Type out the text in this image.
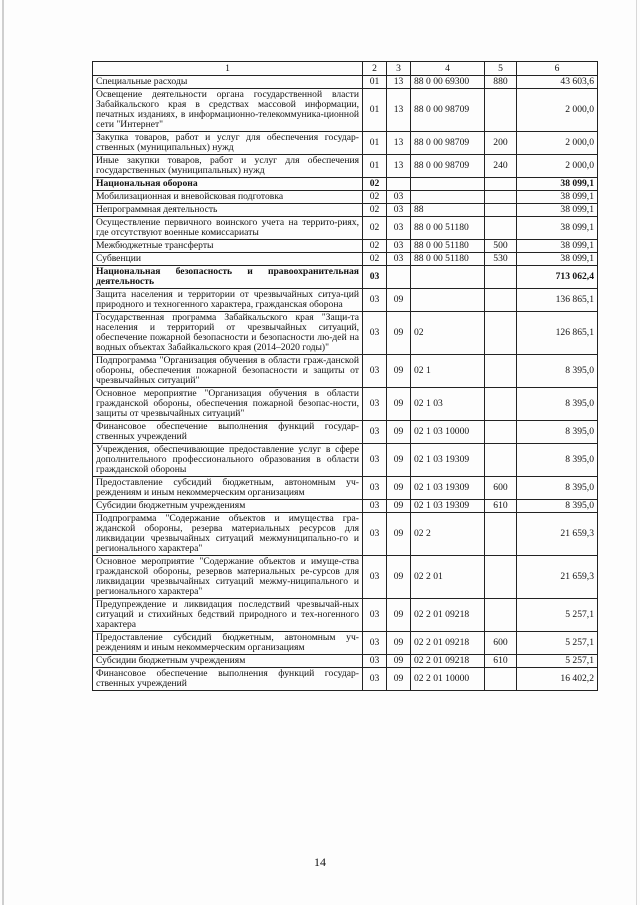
1	2	3	4	5	6
Специальные расходы	01	13	88 0 00 69300	880	43 603,6
Освещение деятельности органа государственной власти Забайкальского края в средствах массовой информации, печатных изданиях, в информационно-телекоммуника-ционной сети "Интернет"	01	13	88 0 00 98709		2 000,0
Закупка товаров, работ и услуг для обеспечения государ-ственных (муниципальных) нужд	01	13	88 0 00 98709	200	2 000,0
Иные закупки товаров, работ и услуг для обеспечения государственных (муниципальных) нужд	01	13	88 0 00 98709	240	2 000,0
Национальная оборона	02				38 099,1
Мобилизационная и вневойсковая подготовка	02	03			38 099,1
Непрограммная деятельность	02	03	88		38 099,1
Осуществление первичного воинского учета на террито-риях, где отсутствуют военные комиссариаты	02	03	88 0 00 51180		38 099,1
Межбюджетные трансферты	02	03	88 0 00 51180	500	38 099,1
Субвенции	02	03	88 0 00 51180	530	38 099,1
Национальная безопасность и правоохранительная деятельность	03				713 062,4
Защита населения и территории от чрезвычайных ситуа-ций природного и техногенного характера, гражданская оборона	03	09			136 865,1
Государственная программа Забайкальского края "Защи-та населения и территорий от чрезвычайных ситуаций, обеспечение пожарной безопасности и безопасности лю-дей на водных объектах Забайкальского края (2014–2020 годы)"	03	09	02		126 865,1
Подпрограмма "Организация обучения в области граж-данской обороны, обеспечения пожарной безопасности и защиты от чрезвычайных ситуаций"	03	09	02 1		8 395,0
Основное мероприятие "Организация обучения в области гражданской обороны, обеспечения пожарной безопас-ности, защиты от чрезвычайных ситуаций"	03	09	02 1 03		8 395,0
Финансовое обеспечение выполнения функций государ-ственных учреждений	03	09	02 1 03 10000		8 395,0
Учреждения, обеспечивающие предоставление услуг в сфере дополнительного профессионального образования в области гражданской обороны	03	09	02 1 03 19309		8 395,0
Предоставление субсидий бюджетным, автономным уч-реждениям и иным некоммерческим организациям	03	09	02 1 03 19309	600	8 395,0
Субсидии бюджетным учреждениям	03	09	02 1 03 19309	610	8 395,0
Подпрограмма "Содержание объектов и имущества гра-жданской обороны, резерва материальных ресурсов для ликвидации чрезвычайных ситуаций межмуниципально-го и регионального характера"	03	09	02 2		21 659,3
Основное мероприятие "Содержание объектов и имуще-ства гражданской обороны, резервов материальных ре-сурсов для ликвидации чрезвычайных ситуаций межму-ниципального и регионального характера"	03	09	02 2 01		21 659,3
Предупреждение и ликвидация последствий чрезвычай-ных ситуаций и стихийных бедствий природного и тех-ногенного характера	03	09	02 2 01 09218		5 257,1
Предоставление субсидий бюджетным, автономным уч-реждениям и иным некоммерческим организациям	03	09	02 2 01 09218	600	5 257,1
Субсидии бюджетным учреждениям	03	09	02 2 01 09218	610	5 257,1
Финансовое обеспечение выполнения функций государ-ственных учреждений	03	09	02 2 01 10000		16 402,2
14
